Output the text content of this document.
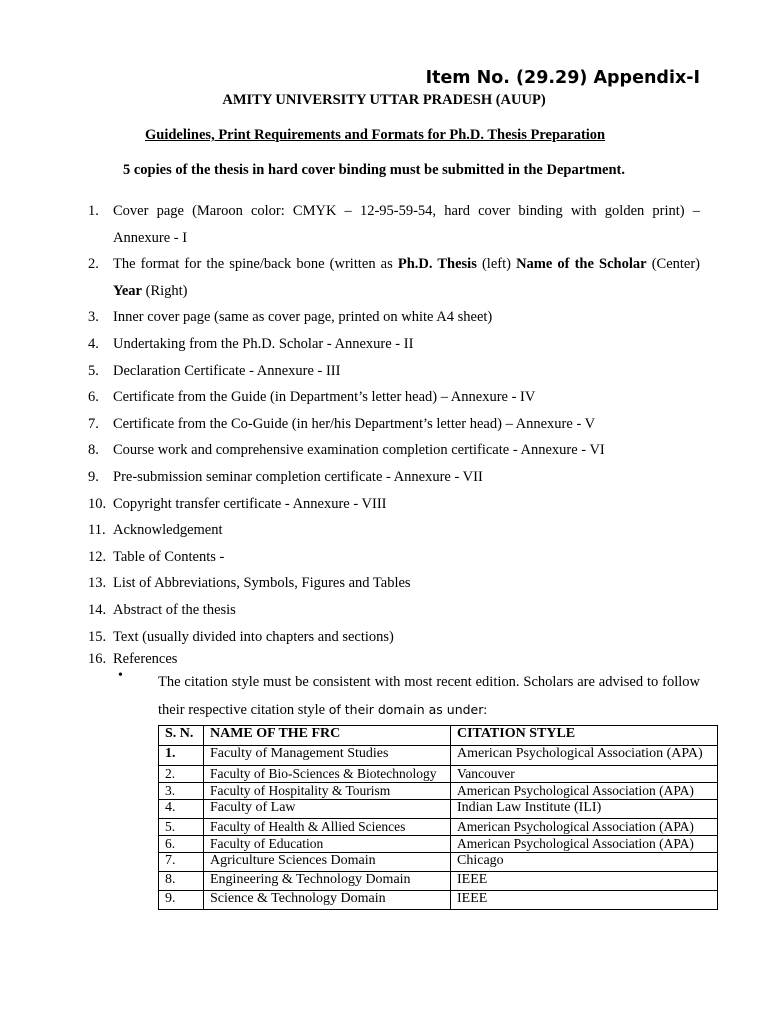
Item No. (29.29) Appendix-I
AMITY UNIVERSITY UTTAR PRADESH (AUUP)
Guidelines, Print Requirements and Formats for Ph.D. Thesis Preparation
5 copies of the thesis in hard cover binding must be submitted in the Department.
1. Cover page (Maroon color: CMYK – 12-95-59-54, hard cover binding with golden print) – Annexure - I
2. The format for the spine/back bone (written as Ph.D. Thesis (left) Name of the Scholar (Center) Year (Right)
3. Inner cover page (same as cover page, printed on white A4 sheet)
4. Undertaking from the Ph.D. Scholar - Annexure - II
5. Declaration Certificate - Annexure - III
6. Certificate from the Guide (in Department’s letter head) – Annexure - IV
7. Certificate from the Co-Guide (in her/his Department’s letter head) – Annexure - V
8. Course work and comprehensive examination completion certificate - Annexure - VI
9. Pre-submission seminar completion certificate - Annexure - VII
10. Copyright transfer certificate - Annexure - VIII
11. Acknowledgement
12. Table of Contents -
13. List of Abbreviations, Symbols, Figures and Tables
14. Abstract of the thesis
15. Text (usually divided into chapters and sections)
16. References
• The citation style must be consistent with most recent edition. Scholars are advised to follow their respective citation style of their domain as under:
S. N.	NAME OF THE FRC	CITATION STYLE
1.	Faculty of Management Studies	American Psychological Association (APA)
2.	Faculty of Bio-Sciences & Biotechnology	Vancouver
3.	Faculty of Hospitality & Tourism	American Psychological Association (APA)
4.	Faculty of Law	Indian Law Institute (ILI)
5.	Faculty of Health & Allied Sciences	American Psychological Association (APA)
6.	Faculty of Education	American Psychological Association (APA)
7.	Agriculture Sciences Domain	Chicago
8.	Engineering & Technology Domain	IEEE
9.	Science & Technology Domain	IEEE
